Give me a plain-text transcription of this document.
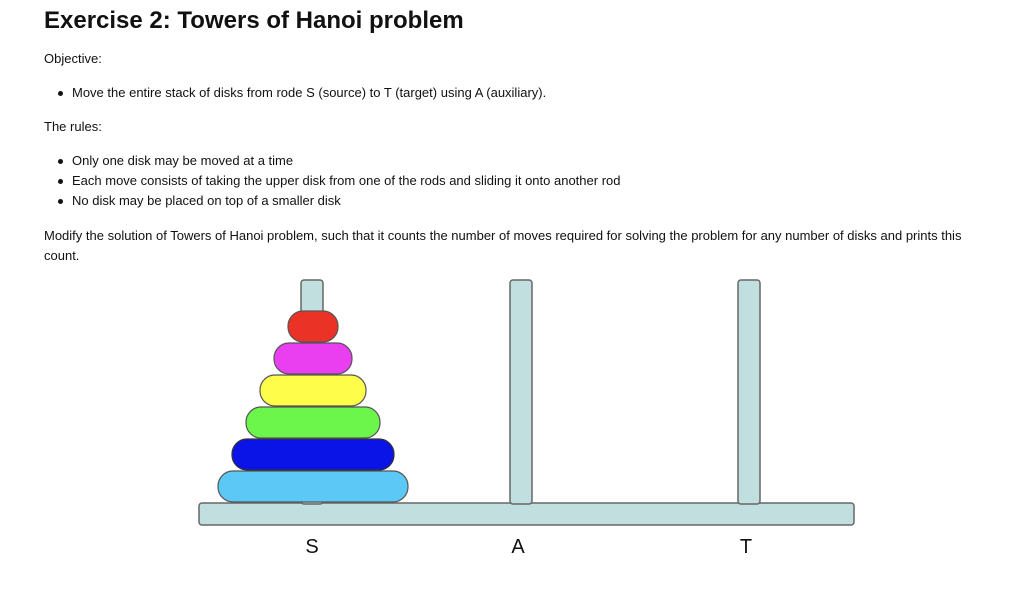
Exercise 2: Towers of Hanoi problem

Objective:

Move the entire stack of disks from rode S (source) to T (target) using A (auxiliary).

The rules:

Only one disk may be moved at a time
Each move consists of taking the upper disk from one of the rods and sliding it onto another rod
No disk may be placed on top of a smaller disk

Modify the solution of Towers of Hanoi problem, such that it counts the number of moves required for solving the problem for any number of disks and prints this count.

S	A	T
